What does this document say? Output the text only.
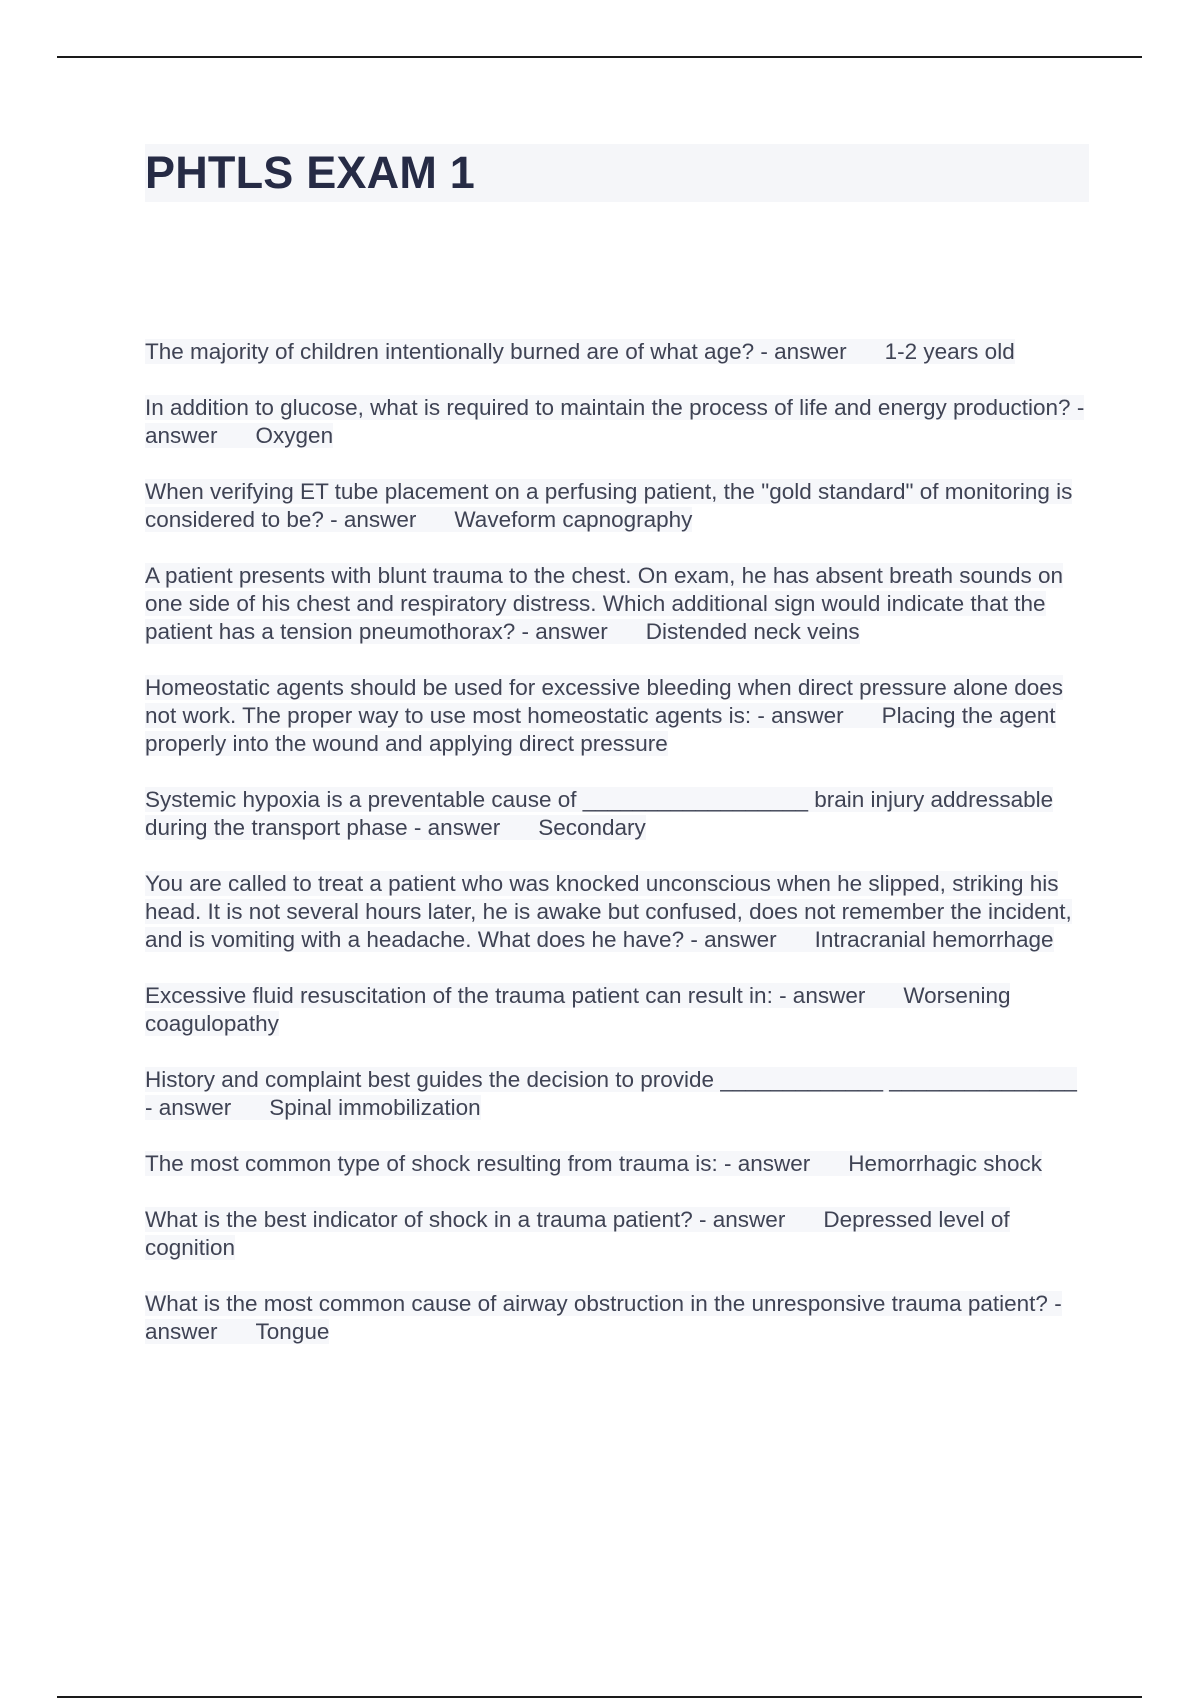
PHTLS EXAM 1

The majority of children intentionally burned are of what age? - answer 1-2 years old

In addition to glucose, what is required to maintain the process of life and energy production? - answer Oxygen

When verifying ET tube placement on a perfusing patient, the "gold standard" of monitoring is considered to be? - answer Waveform capnography

A patient presents with blunt trauma to the chest. On exam, he has absent breath sounds on one side of his chest and respiratory distress. Which additional sign would indicate that the patient has a tension pneumothorax? - answer Distended neck veins

Homeostatic agents should be used for excessive bleeding when direct pressure alone does not work. The proper way to use most homeostatic agents is: - answer Placing the agent properly into the wound and applying direct pressure

Systemic hypoxia is a preventable cause of __________________ brain injury addressable during the transport phase - answer Secondary

You are called to treat a patient who was knocked unconscious when he slipped, striking his head. It is not several hours later, he is awake but confused, does not remember the incident, and is vomiting with a headache. What does he have? - answer Intracranial hemorrhage

Excessive fluid resuscitation of the trauma patient can result in: - answer Worsening coagulopathy

History and complaint best guides the decision to provide _____________ _______________ - answer Spinal immobilization

The most common type of shock resulting from trauma is: - answer Hemorrhagic shock

What is the best indicator of shock in a trauma patient? - answer Depressed level of cognition

What is the most common cause of airway obstruction in the unresponsive trauma patient? - answer Tongue
